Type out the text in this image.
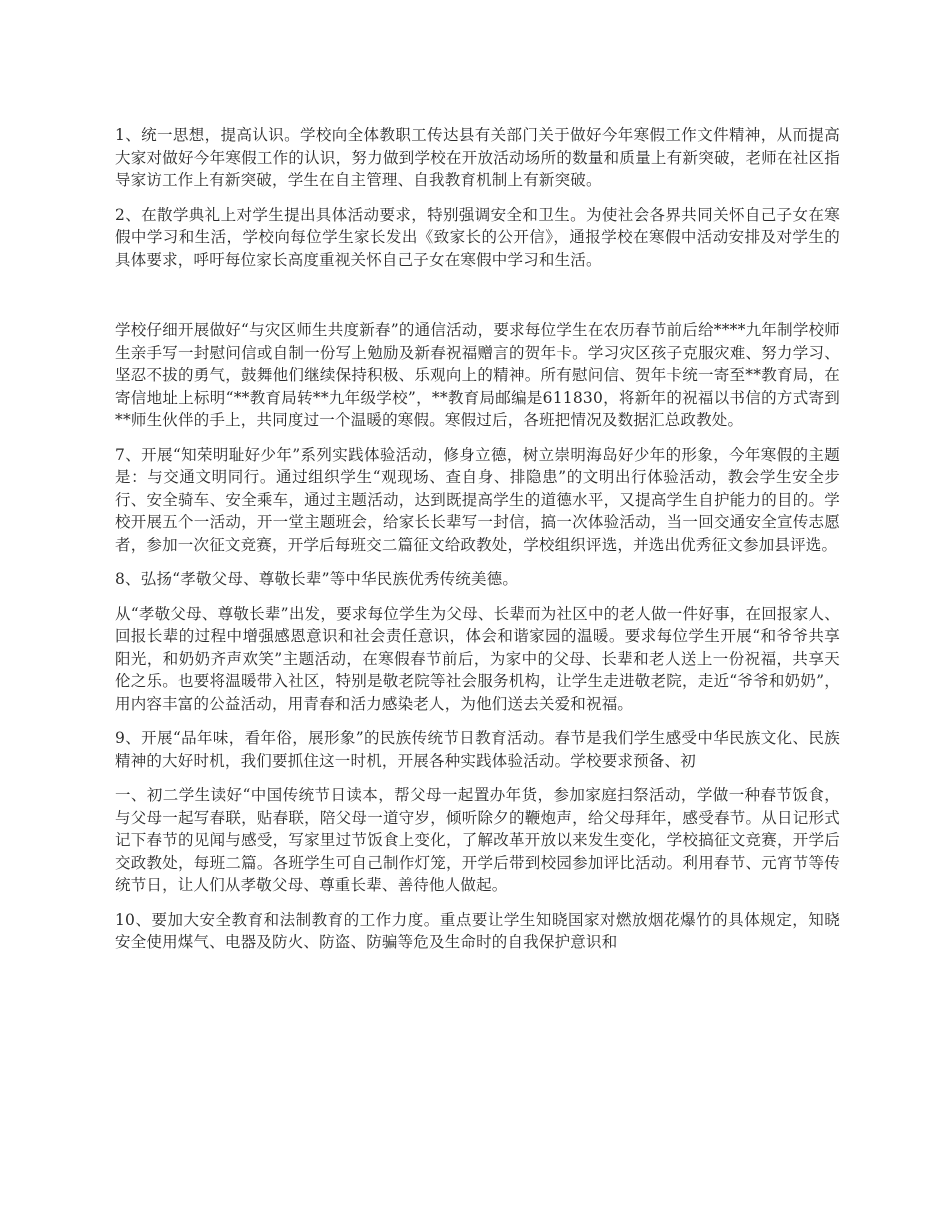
1、统一思想，提高认识。学校向全体教职工传达县有关部门关于做好今年寒假工作文件精神，从而提高大家对做好今年寒假工作的认识，努力做到学校在开放活动场所的数量和质量上有新突破，老师在社区指导家访工作上有新突破，学生在自主管理、自我教育机制上有新突破。

2、在散学典礼上对学生提出具体活动要求，特别强调安全和卫生。为使社会各界共同关怀自己子女在寒假中学习和生活，学校向每位学生家长发出《致家长的公开信》，通报学校在寒假中活动安排及对学生的具体要求，呼吁每位家长高度重视关怀自己子女在寒假中学习和生活。

学校仔细开展做好“与灾区师生共度新春”的通信活动，要求每位学生在农历春节前后给****九年制学校师生亲手写一封慰问信或自制一份写上勉励及新春祝福赠言的贺年卡。学习灾区孩子克服灾难、努力学习、坚忍不拔的勇气，鼓舞他们继续保持积极、乐观向上的精神。所有慰问信、贺年卡统一寄至**教育局，在寄信地址上标明“**教育局转**九年级学校”，**教育局邮编是611830，将新年的祝福以书信的方式寄到**师生伙伴的手上，共同度过一个温暖的寒假。寒假过后，各班把情况及数据汇总政教处。

7、开展“知荣明耻好少年”系列实践体验活动，修身立德，树立崇明海岛好少年的形象，今年寒假的主题是：与交通文明同行。通过组织学生“观现场、查自身、排隐患”的文明出行体验活动，教会学生安全步行、安全骑车、安全乘车，通过主题活动，达到既提高学生的道德水平，又提高学生自护能力的目的。学校开展五个一活动，开一堂主题班会，给家长长辈写一封信，搞一次体验活动，当一回交通安全宣传志愿者，参加一次征文竞赛，开学后每班交二篇征文给政教处，学校组织评选，并选出优秀征文参加县评选。

8、弘扬“孝敬父母、尊敬长辈”等中华民族优秀传统美德。

从“孝敬父母、尊敬长辈”出发，要求每位学生为父母、长辈而为社区中的老人做一件好事，在回报家人、回报长辈的过程中增强感恩意识和社会责任意识，体会和谐家园的温暖。要求每位学生开展“和爷爷共享阳光，和奶奶齐声欢笑”主题活动，在寒假春节前后，为家中的父母、长辈和老人送上一份祝福，共享天伦之乐。也要将温暖带入社区，特别是敬老院等社会服务机构，让学生走进敬老院，走近“爷爷和奶奶”，用内容丰富的公益活动，用青春和活力感染老人，为他们送去关爱和祝福。

9、开展“品年味，看年俗，展形象”的民族传统节日教育活动。春节是我们学生感受中华民族文化、民族精神的大好时机，我们要抓住这一时机，开展各种实践体验活动。学校要求预备、初

一、初二学生读好“中国传统节日读本，帮父母一起置办年货，参加家庭扫祭活动，学做一种春节饭食，与父母一起写春联，贴春联，陪父母一道守岁，倾听除夕的鞭炮声，给父母拜年，感受春节。从日记形式记下春节的见闻与感受，写家里过节饭食上变化，了解改革开放以来发生变化，学校搞征文竞赛，开学后交政教处，每班二篇。各班学生可自己制作灯笼，开学后带到校园参加评比活动。利用春节、元宵节等传统节日，让人们从孝敬父母、尊重长辈、善待他人做起。

10、要加大安全教育和法制教育的工作力度。重点要让学生知晓国家对燃放烟花爆竹的具体规定，知晓安全使用煤气、电器及防火、防盗、防骗等危及生命时的自我保护意识和
